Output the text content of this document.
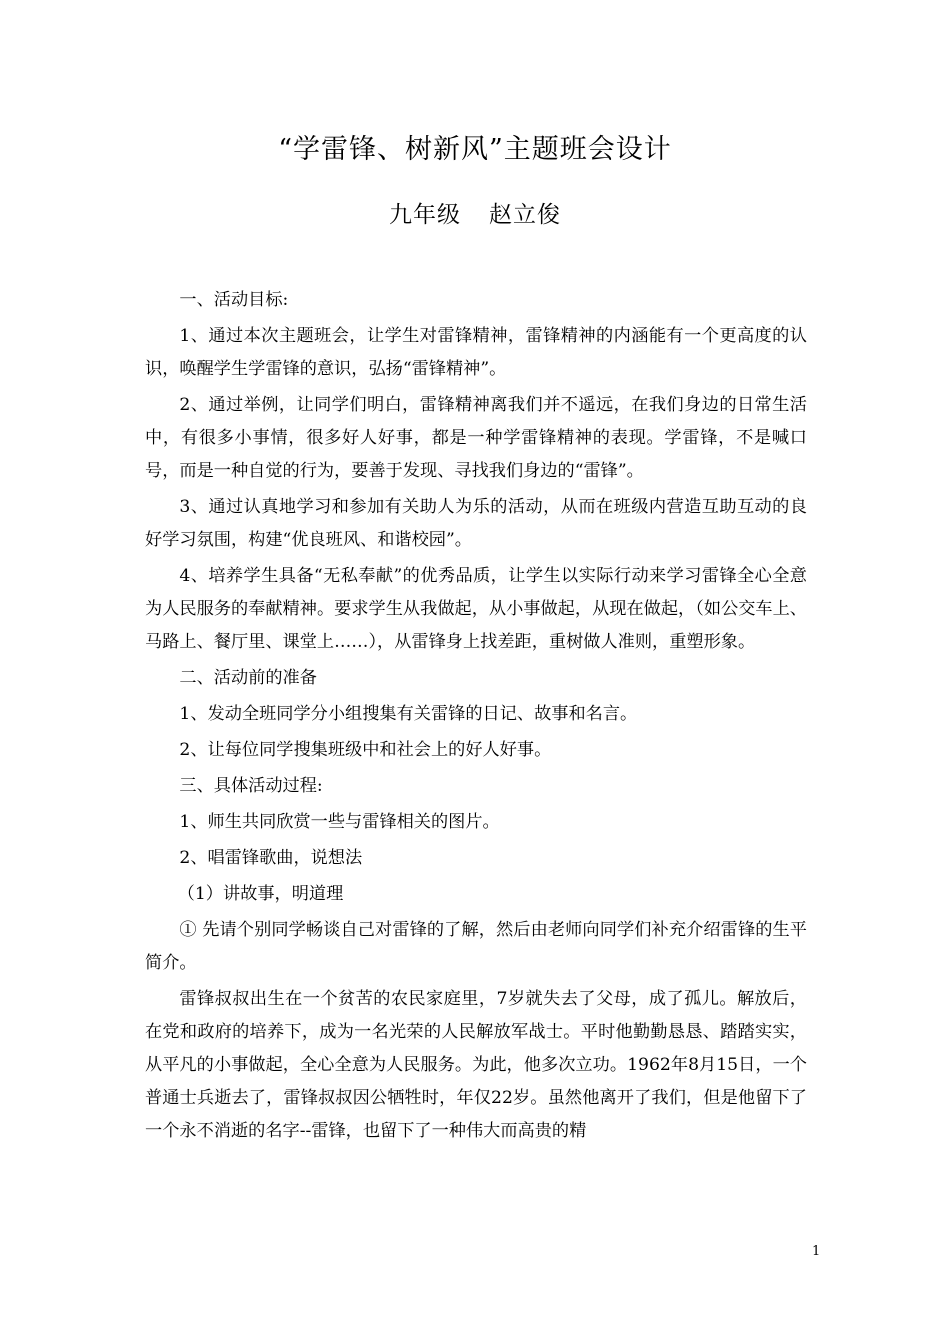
“学雷锋、树新风”主题班会设计
九年级 赵立俊

一、活动目标:

1、通过本次主题班会，让学生对雷锋精神，雷锋精神的内涵能有一个更高度的认识，唤醒学生学雷锋的意识，弘扬“雷锋精神”。

2、通过举例，让同学们明白，雷锋精神离我们并不遥远，在我们身边的日常生活中，有很多小事情，很多好人好事，都是一种学雷锋精神的表现。学雷锋，不是喊口号，而是一种自觉的行为，要善于发现、寻找我们身边的“雷锋”。

3、通过认真地学习和参加有关助人为乐的活动，从而在班级内营造互助互动的良好学习氛围，构建“优良班风、和谐校园”。

4、培养学生具备“无私奉献”的优秀品质，让学生以实际行动来学习雷锋全心全意为人民服务的奉献精神。要求学生从我做起，从小事做起，从现在做起，（如公交车上、马路上、餐厅里、课堂上……），从雷锋身上找差距，重树做人准则，重塑形象。

二、活动前的准备

1、发动全班同学分小组搜集有关雷锋的日记、故事和名言。

2、让每位同学搜集班级中和社会上的好人好事。

三、具体活动过程:

1、师生共同欣赏一些与雷锋相关的图片。

2、唱雷锋歌曲，说想法

（1）讲故事，明道理

① 先请个别同学畅谈自己对雷锋的了解，然后由老师向同学们补充介绍雷锋的生平简介。

雷锋叔叔出生在一个贫苦的农民家庭里，7岁就失去了父母，成了孤儿。解放后，在党和政府的培养下，成为一名光荣的人民解放军战士。平时他勤勤恳恳、踏踏实实，从平凡的小事做起，全心全意为人民服务。为此，他多次立功。1962年8月15日，一个普通士兵逝去了，雷锋叔叔因公牺牲时，年仅22岁。虽然他离开了我们，但是他留下了一个永不消逝的名字--雷锋，也留下了一种伟大而高贵的精

1
